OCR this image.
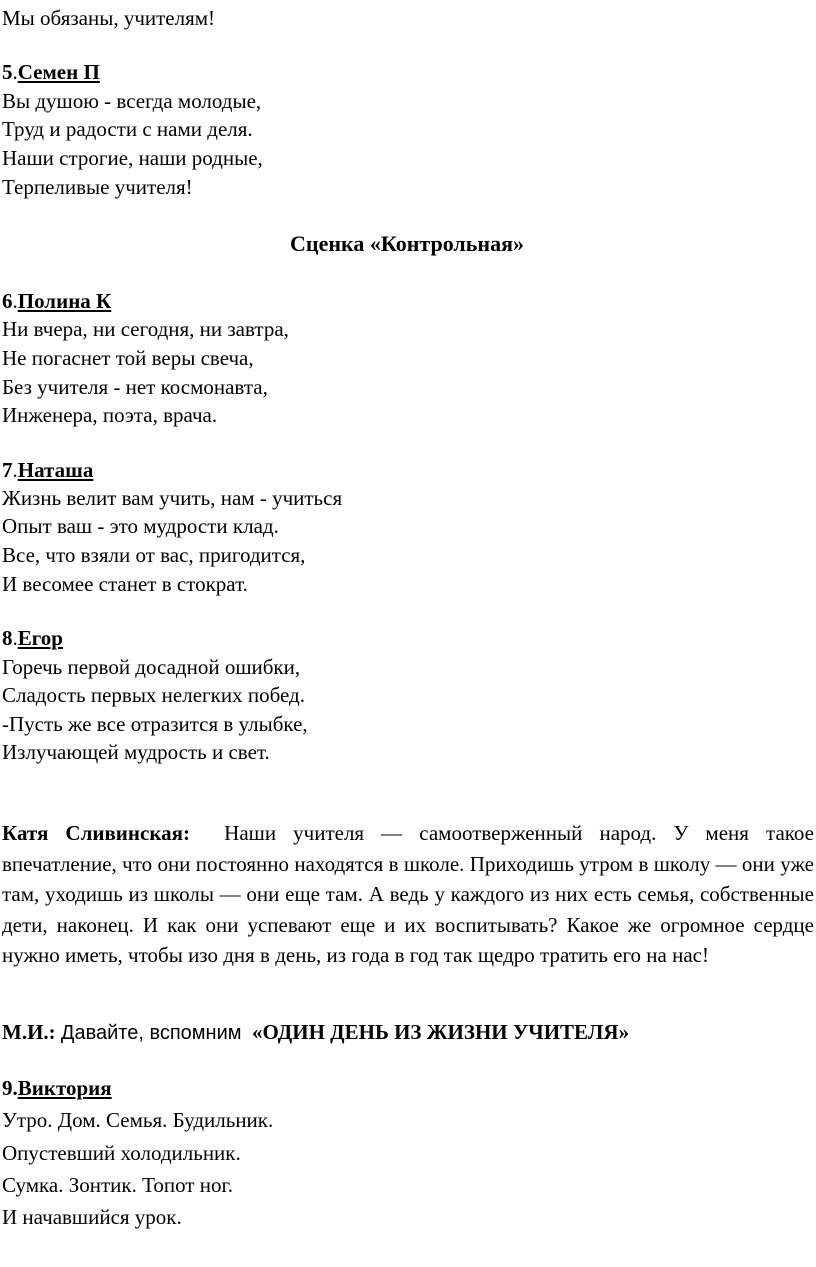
Мы обязаны, учителям!
5.Семен П
Вы душою - всегда молодые,
Труд и радости с нами деля.
Наши строгие, наши родные,
Терпеливые учителя!
Сценка «Контрольная»
6.Полина К
Ни вчера, ни сегодня, ни завтра,
Не погаснет той веры свеча,
Без учителя - нет космонавта,
Инженера, поэта, врача.
7.Наташа
Жизнь велит вам учить, нам - учиться
Опыт ваш - это мудрости клад.
Все, что взяли от вас, пригодится,
И весомее станет в стократ.
8.Егор
Горечь первой досадной ошибки,
Сладость первых нелегких побед.
-Пусть же все отразится в улыбке,
Излучающей мудрость и свет.
Катя Сливинская: Наши учителя — самоотверженный народ. У меня такое впечатление, что они постоянно находятся в школе. Приходишь утром в школу — они уже там, уходишь из школы — они еще там. А ведь у каждого из них есть семья, собственные дети, наконец. И как они успевают еще и их воспитывать? Какое же огромное сердце нужно иметь, чтобы изо дня в день, из года в год так щедро тратить его на нас!
М.И.: Давайте, вспомним «ОДИН ДЕНЬ ИЗ ЖИЗНИ УЧИТЕЛЯ»
9.Виктория
Утро. Дом. Семья. Будильник.
Опустевший холодильник.
Сумка. Зонтик. Топот ног.
И начавшийся урок.
